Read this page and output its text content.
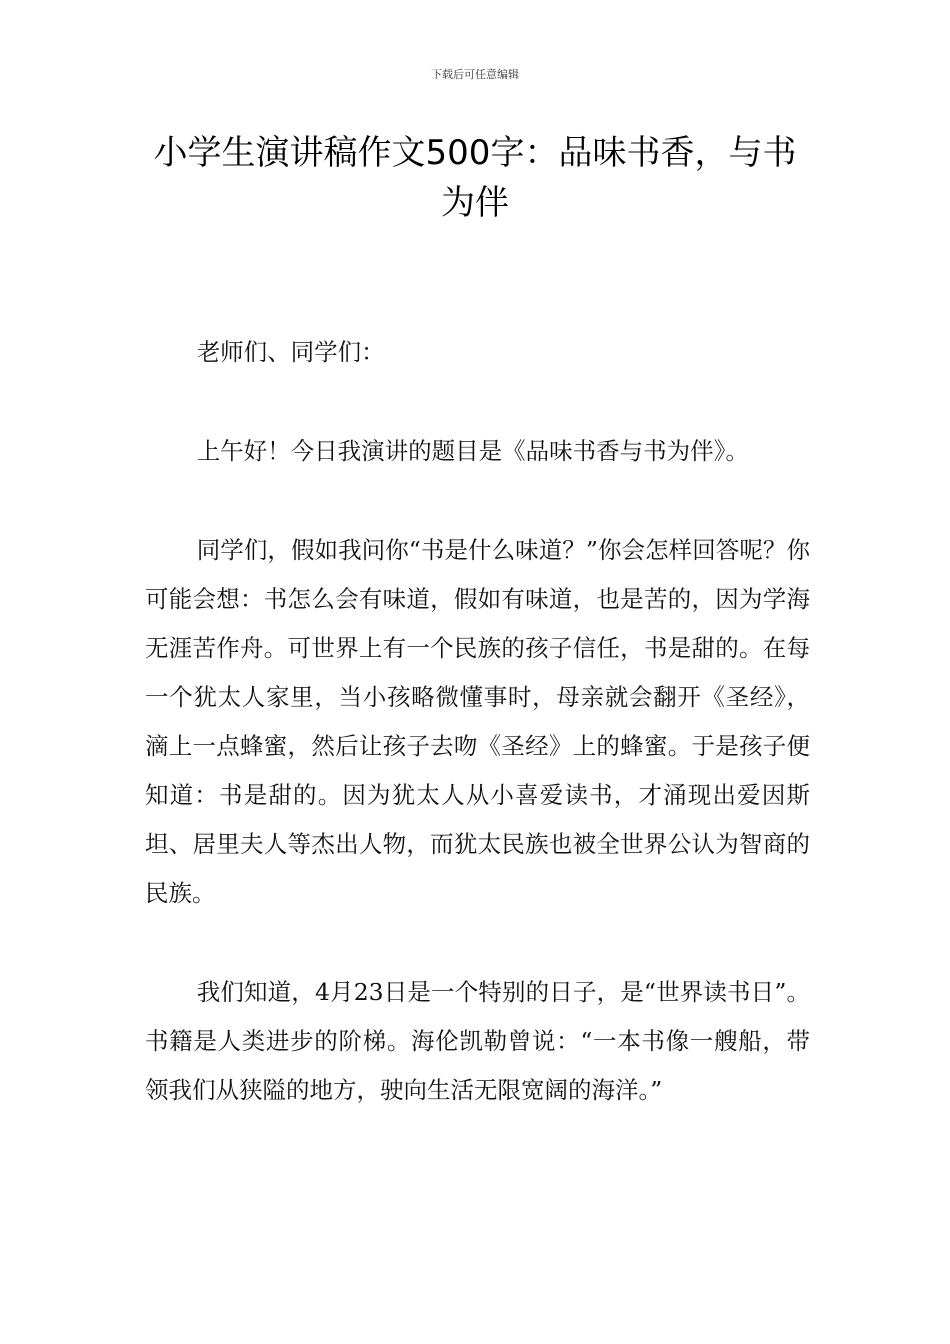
下载后可任意编辑
小学生演讲稿作文500字：品味书香，与书为伴

老师们、同学们：

上午好！今日我演讲的题目是《品味书香与书为伴》。

同学们，假如我问你“书是什么味道？”你会怎样回答呢？你可能会想：书怎么会有味道，假如有味道，也是苦的，因为学海无涯苦作舟。可世界上有一个民族的孩子信任，书是甜的。在每一个犹太人家里，当小孩略微懂事时，母亲就会翻开《圣经》，滴上一点蜂蜜，然后让孩子去吻《圣经》上的蜂蜜。于是孩子便知道：书是甜的。因为犹太人从小喜爱读书，才涌现出爱因斯坦、居里夫人等杰出人物，而犹太民族也被全世界公认为智商的民族。

我们知道，4月23日是一个特别的日子，是“世界读书日”。书籍是人类进步的阶梯。海伦凯勒曾说：“一本书像一艘船，带领我们从狭隘的地方，驶向生活无限宽阔的海洋。”
